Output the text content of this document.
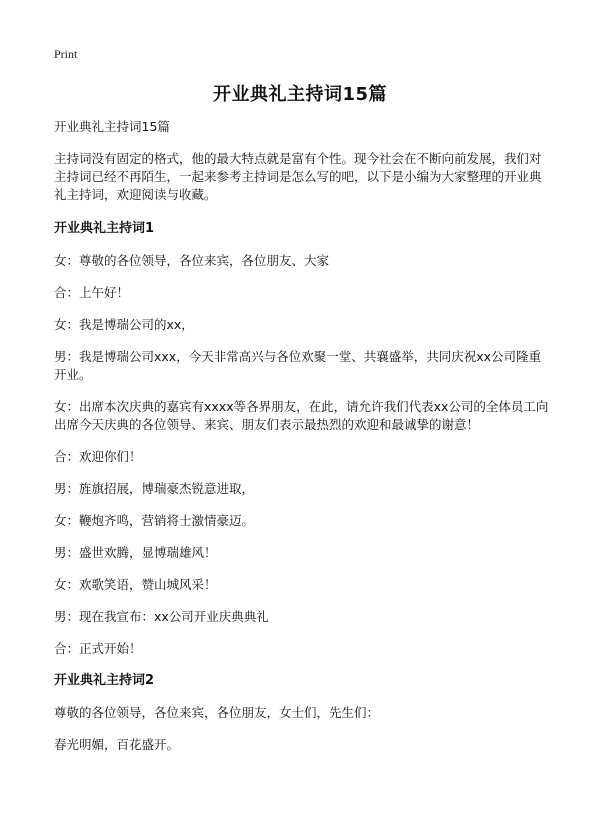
Print
开业典礼主持词15篇

开业典礼主持词15篇

主持词没有固定的格式，他的最大特点就是富有个性。现今社会在不断向前发展，我们对主持词已经不再陌生，一起来参考主持词是怎么写的吧，以下是小编为大家整理的开业典礼主持词，欢迎阅读与收藏。

开业典礼主持词1

女：尊敬的各位领导，各位来宾，各位朋友、大家

合：上午好！

女：我是博瑞公司的xx，

男：我是博瑞公司xxx，今天非常高兴与各位欢聚一堂、共襄盛举，共同庆祝xx公司隆重开业。

女：出席本次庆典的嘉宾有xxxx等各界朋友，在此，请允许我们代表xx公司的全体员工向出席今天庆典的各位领导、来宾、朋友们表示最热烈的欢迎和最诚挚的谢意！

合：欢迎你们！

男：旌旗招展，博瑞豪杰锐意进取，

女：鞭炮齐鸣，营销将士激情豪迈。

男：盛世欢腾，显博瑞雄风！

女：欢歌笑语，赞山城风采！

男：现在我宣布：xx公司开业庆典典礼

合：正式开始！

开业典礼主持词2

尊敬的各位领导，各位来宾，各位朋友，女士们，先生们：

春光明媚，百花盛开。
